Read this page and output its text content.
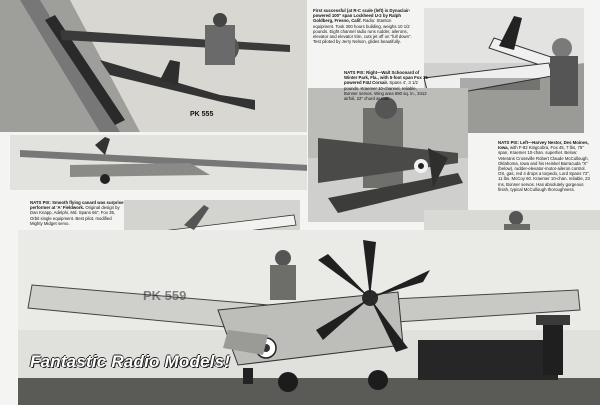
PK 555
First successful (at R-C scale (left) is Dynaclair-powered 100" span Lockheed U-2 by Ralph Goldberg, Fresno, Calif. Radio: Stanton equipment. Took 300 hours building, weighs 10 1/2 pounds. Eight channel radio runs rudder, ailerons, elevator and elevator trim, cuts jet off on "full down". Test piloted by Jerry Nelson, glides beautifully.
NATS PIX: Right—Walt Schoonard of Winter Park, Fla., with 5-foot span Fox 35 powered F4U Corsair. Spans 4', 3 1/2 pounds. Kraemer 10-channel, reliable, Bonner servos. Wing area 690 sq. in., 3412 airfoil, 22" chord at root.
NATS PIX: Left—Harvey Nestor, Des Moines, Iowa, with F-82 Kingcobra, Fox 45, 7 lbs, 75" span, Kraemer 10-chan. superhet. Below: Veterans Crossville Robert Claude McCullough, Oklahoma, Iowa and his Heinkel Barracuda "X" (below), rudder-elevator-motor-aileron control. OS, gas, red 4 drops a torpedo, Lord Spans 72", 11 lbs. McCoy 60. Kraemer 10-chan. reliable, 23 ms, Bonner servos. Has absolutely gorgeous finish, typical McCullough thoroughness.
NATS PIX: Smooth flying canard was surprise performer at 'A' Fieldwork. Original design by Dan Knapp, Adelphi, Md. Spans 66", Fox 35, Orbit single equipment. Best pilot, modified Mighty Midget servo.
PK 559
Fantastic Radio Models!
